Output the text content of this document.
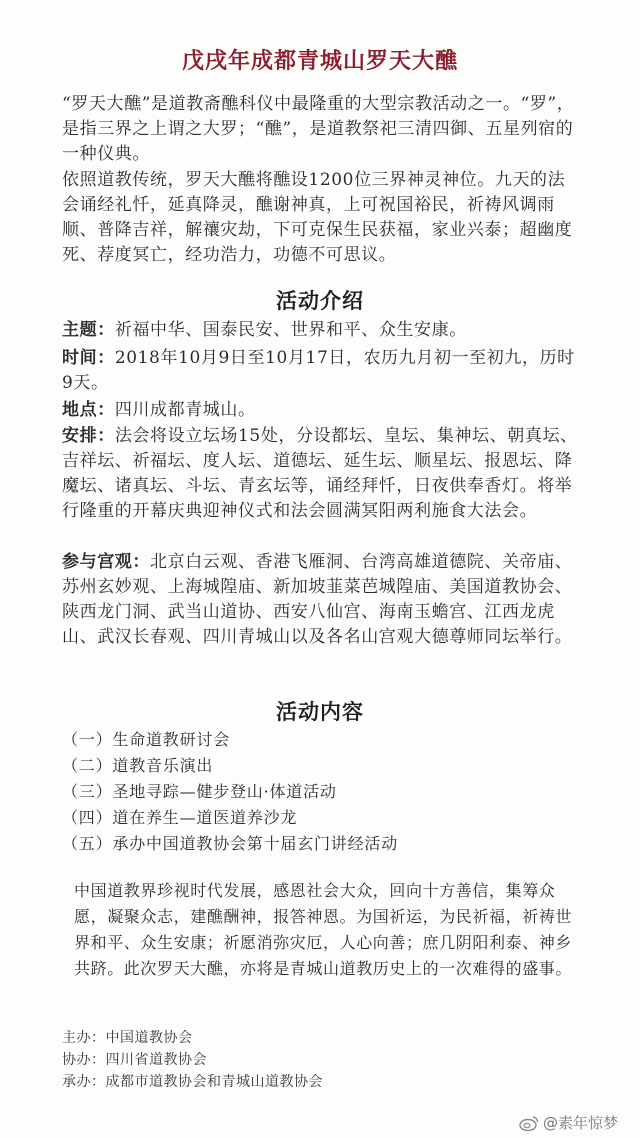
戊戌年成都青城山罗天大醮

“罗天大醮”是道教斋醮科仪中最隆重的大型宗教活动之一。“罗”，是指三界之上谓之大罗；“醮”，是道教祭祀三清四御、五星列宿的一种仪典。

依照道教传统，罗天大醮将醮设1200位三界神灵神位。九天的法会诵经礼忏，延真降灵，醮谢神真，上可祝国裕民，祈祷风调雨顺、普降吉祥，解禳灾劫，下可克保生民获福，家业兴泰；超幽度死、荐度冥亡，经功浩力，功德不可思议。

活动介绍

主题：祈福中华、国泰民安、世界和平、众生安康。

时间：2018年10月9日至10月17日，农历九月初一至初九，历时9天。

地点：四川成都青城山。

安排：法会将设立坛场15处，分设都坛、皇坛、集神坛、朝真坛、吉祥坛、祈福坛、度人坛、道德坛、延生坛、顺星坛、报恩坛、降魔坛、诸真坛、斗坛、青玄坛等，诵经拜忏，日夜供奉香灯。将举行隆重的开幕庆典迎神仪式和法会圆满冥阳两利施食大法会。

参与宫观：北京白云观、香港飞雁洞、台湾高雄道德院、关帝庙、苏州玄妙观、上海城隍庙、新加坡韮菜芭城隍庙、美国道教协会、陕西龙门洞、武当山道协、西安八仙宫、海南玉蟾宫、江西龙虎山、武汉长春观、四川青城山以及各名山宫观大德尊师同坛举行。

活动内容
（一）生命道教研讨会
（二）道教音乐演出
（三）圣地寻踪—健步登山·体道活动
（四）道在养生—道医道养沙龙
（五）承办中国道教协会第十届玄门讲经活动

中国道教界珍视时代发展，感恩社会大众，回向十方善信，集筹众愿，凝聚众志，建醮酬神，报答神恩。为国祈运，为民祈福，祈祷世界和平、众生安康；祈愿消弥灾厄，人心向善；庶几阴阳利泰、神乡共跻。此次罗天大醮，亦将是青城山道教历史上的一次难得的盛事。

主办：中国道教协会
协办：四川省道教协会
承办：成都市道教协会和青城山道教协会
@素年惊梦
